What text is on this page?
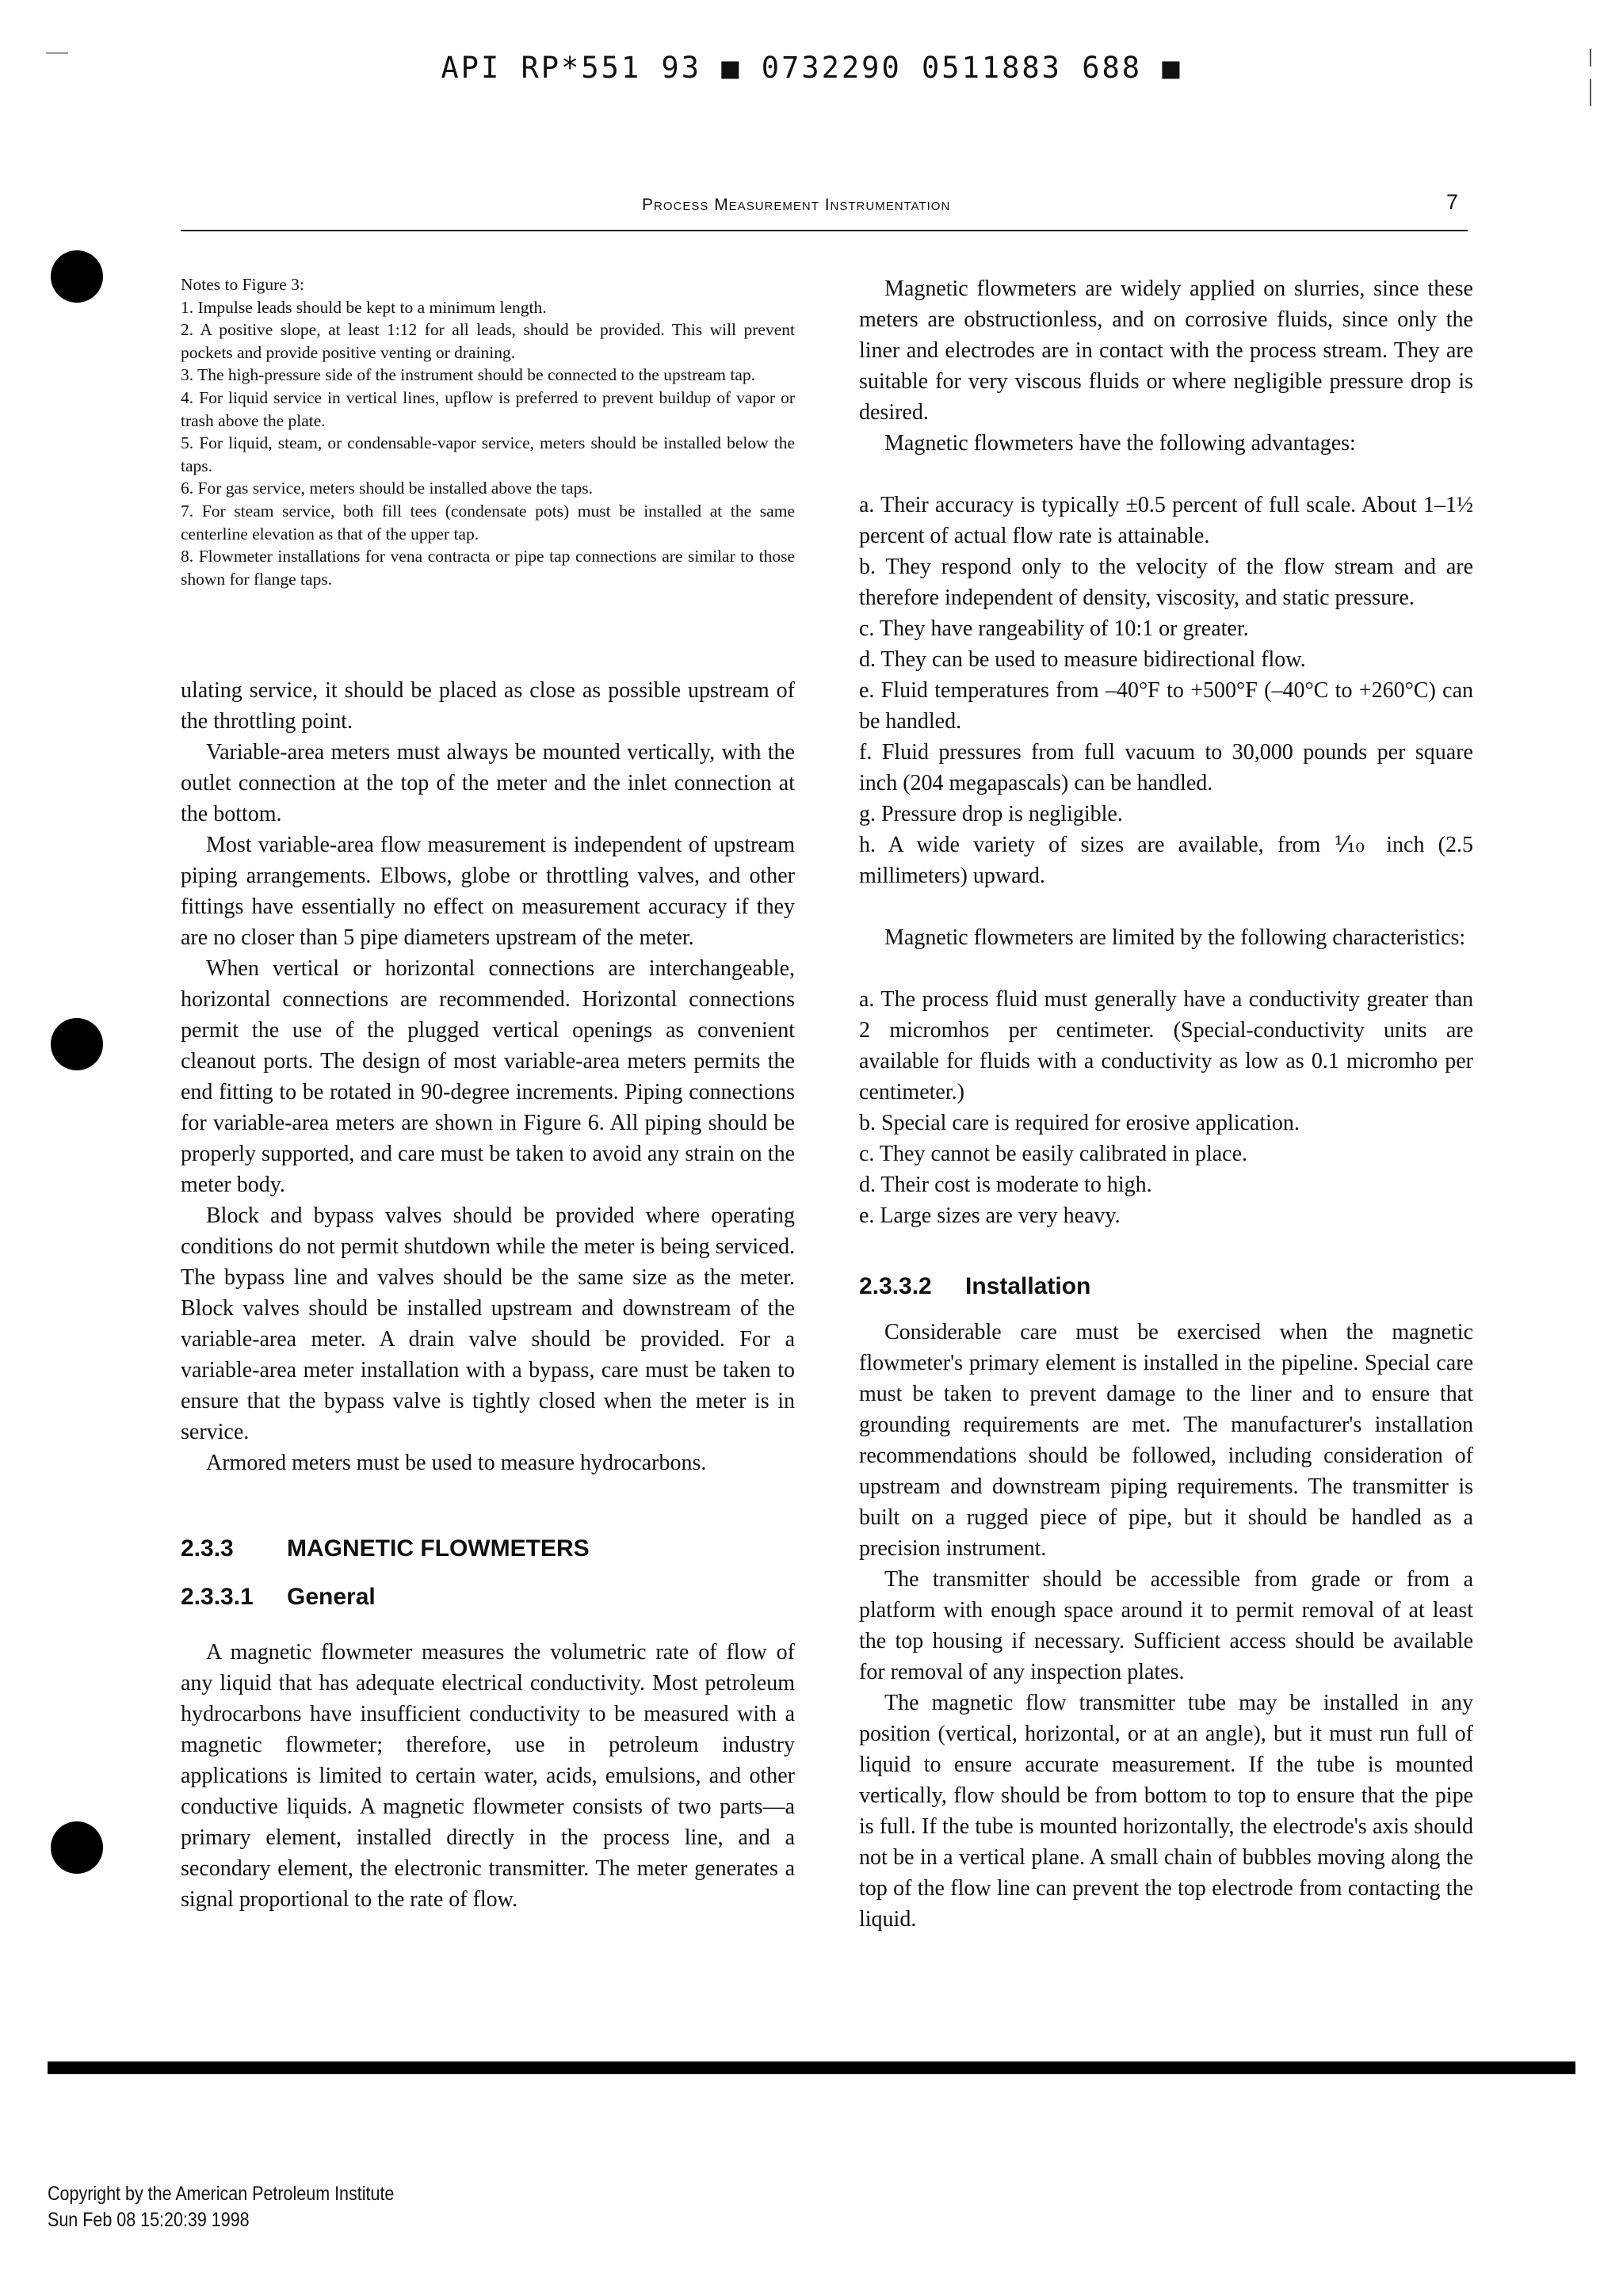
API RP*551 93 ■ 0732290 0511883 688 ■
Process Measurement Instrumentation	7

Notes to Figure 3:

1. Impulse leads should be kept to a minimum length.

2. A positive slope, at least 1:12 for all leads, should be provided. This will prevent pockets and provide positive venting or draining.

3. The high-pressure side of the instrument should be connected to the upstream tap.

4. For liquid service in vertical lines, upflow is preferred to prevent buildup of vapor or trash above the plate.

5. For liquid, steam, or condensable-vapor service, meters should be installed below the taps.

6. For gas service, meters should be installed above the taps.

7. For steam service, both fill tees (condensate pots) must be installed at the same centerline elevation as that of the upper tap.

8. Flowmeter installations for vena contracta or pipe tap connections are similar to those shown for flange taps.

ulating service, it should be placed as close as possible upstream of the throttling point.

Variable-area meters must always be mounted vertically, with the outlet connection at the top of the meter and the inlet connection at the bottom.

Most variable-area flow measurement is independent of upstream piping arrangements. Elbows, globe or throttling valves, and other fittings have essentially no effect on measurement accuracy if they are no closer than 5 pipe diameters upstream of the meter.

When vertical or horizontal connections are interchangeable, horizontal connections are recommended. Horizontal connections permit the use of the plugged vertical openings as convenient cleanout ports. The design of most variable-area meters permits the end fitting to be rotated in 90-degree increments. Piping connections for variable-area meters are shown in Figure 6. All piping should be properly supported, and care must be taken to avoid any strain on the meter body.

Block and bypass valves should be provided where operating conditions do not permit shutdown while the meter is being serviced. The bypass line and valves should be the same size as the meter. Block valves should be installed upstream and downstream of the variable-area meter. A drain valve should be provided. For a variable-area meter installation with a bypass, care must be taken to ensure that the bypass valve is tightly closed when the meter is in service.

Armored meters must be used to measure hydrocarbons.

2.3.3 MAGNETIC FLOWMETERS

2.3.3.1 General

A magnetic flowmeter measures the volumetric rate of flow of any liquid that has adequate electrical conductivity. Most petroleum hydrocarbons have insufficient conductivity to be measured with a magnetic flowmeter; therefore, use in petroleum industry applications is limited to certain water, acids, emulsions, and other conductive liquids. A magnetic flowmeter consists of two parts—a primary element, installed directly in the process line, and a secondary element, the electronic transmitter. The meter generates a signal proportional to the rate of flow.

Magnetic flowmeters are widely applied on slurries, since these meters are obstructionless, and on corrosive fluids, since only the liner and electrodes are in contact with the process stream. They are suitable for very viscous fluids or where negligible pressure drop is desired.

Magnetic flowmeters have the following advantages:

a. Their accuracy is typically ±0.5 percent of full scale. About 1–1½ percent of actual flow rate is attainable.

b. They respond only to the velocity of the flow stream and are therefore independent of density, viscosity, and static pressure.

c. They have rangeability of 10:1 or greater.

d. They can be used to measure bidirectional flow.

e. Fluid temperatures from –40°F to +500°F (–40°C to +260°C) can be handled.

f. Fluid pressures from full vacuum to 30,000 pounds per square inch (204 megapascals) can be handled.

g. Pressure drop is negligible.

h. A wide variety of sizes are available, from ⅒ inch (2.5 millimeters) upward.

Magnetic flowmeters are limited by the following characteristics:

a. The process fluid must generally have a conductivity greater than 2 micromhos per centimeter. (Special-conductivity units are available for fluids with a conductivity as low as 0.1 micromho per centimeter.)

b. Special care is required for erosive application.

c. They cannot be easily calibrated in place.

d. Their cost is moderate to high.

e. Large sizes are very heavy.

2.3.3.2 Installation

Considerable care must be exercised when the magnetic flowmeter's primary element is installed in the pipeline. Special care must be taken to prevent damage to the liner and to ensure that grounding requirements are met. The manufacturer's installation recommendations should be followed, including consideration of upstream and downstream piping requirements. The transmitter is built on a rugged piece of pipe, but it should be handled as a precision instrument.

The transmitter should be accessible from grade or from a platform with enough space around it to permit removal of at least the top housing if necessary. Sufficient access should be available for removal of any inspection plates.

The magnetic flow transmitter tube may be installed in any position (vertical, horizontal, or at an angle), but it must run full of liquid to ensure accurate measurement. If the tube is mounted vertically, flow should be from bottom to top to ensure that the pipe is full. If the tube is mounted horizontally, the electrode's axis should not be in a vertical plane. A small chain of bubbles moving along the top of the flow line can prevent the top electrode from contacting the liquid.

Copyright by the American Petroleum Institute
Sun Feb 08 15:20:39 1998
